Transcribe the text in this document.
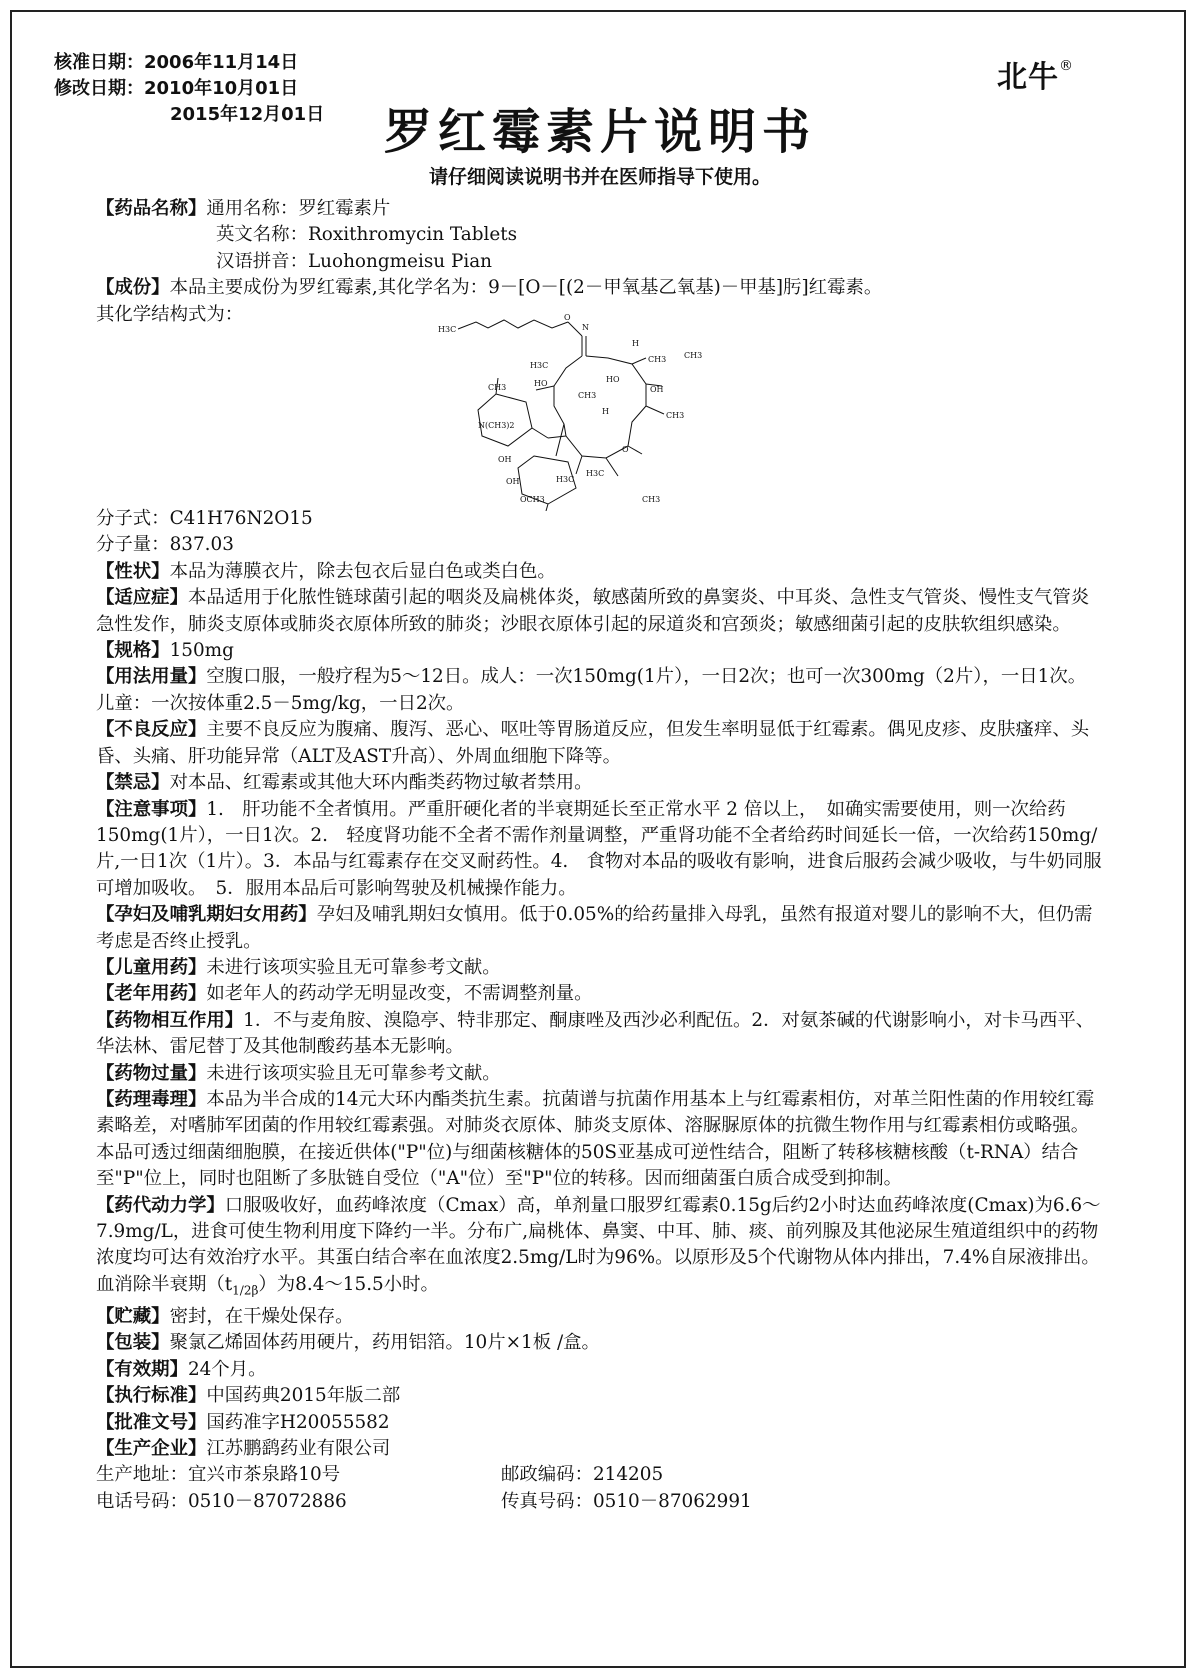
核准日期：2006年11月14日
修改日期：2010年10月01日
2015年12月01日
北牛®
罗红霉素片说明书
请仔细阅读说明书并在医师指导下使用。

【药品名称】通用名称：罗红霉素片

英文名称：Roxithromycin Tablets

汉语拼音：Luohongmeisu Pian

【成份】本品主要成份为罗红霉素,其化学名为：9－[O－[(2－甲氧基乙氧基)－甲基]肟]红霉素。

其化学结构式为：

H3C	N
O
H3C
CH3
H
HO	HO
OH
CH3
H3C
H	CH3
N(CH3)2
CH3
OH
H3C
O
OH
OCH3	CH3
CH3

分子式：C41H76N2O15

分子量：837.03

【性状】本品为薄膜衣片，除去包衣后显白色或类白色。

【适应症】本品适用于化脓性链球菌引起的咽炎及扁桃体炎，敏感菌所致的鼻窦炎、中耳炎、急性支气管炎、慢性支气管炎急性发作，肺炎支原体或肺炎衣原体所致的肺炎；沙眼衣原体引起的尿道炎和宫颈炎；敏感细菌引起的皮肤软组织感染。

【规格】150mg

【用法用量】空腹口服，一般疗程为5～12日。成人：一次150mg(1片），一日2次；也可一次300mg（2片），一日1次。儿童：一次按体重2.5－5mg/kg，一日2次。

【不良反应】主要不良反应为腹痛、腹泻、恶心、呕吐等胃肠道反应，但发生率明显低于红霉素。偶见皮疹、皮肤瘙痒、头昏、头痛、肝功能异常（ALT及AST升高）、外周血细胞下降等。

【禁忌】对本品、红霉素或其他大环内酯类药物过敏者禁用。

【注意事项】1.　肝功能不全者慎用。严重肝硬化者的半衰期延长至正常水平 2 倍以上，　如确实需要使用，则一次给药150mg(1片），一日1次。2.　轻度肾功能不全者不需作剂量调整，严重肾功能不全者给药时间延长一倍，一次给药150mg/片,一日1次（1片）。3．本品与红霉素存在交叉耐药性。4.　食物对本品的吸收有影响，进食后服药会减少吸收，与牛奶同服可增加吸收。　5．服用本品后可影响驾驶及机械操作能力。

【孕妇及哺乳期妇女用药】孕妇及哺乳期妇女慎用。低于0.05%的给药量排入母乳，虽然有报道对婴儿的影响不大，但仍需考虑是否终止授乳。

【儿童用药】未进行该项实验且无可靠参考文献。

【老年用药】如老年人的药动学无明显改变，不需调整剂量。

【药物相互作用】1．不与麦角胺、溴隐亭、特非那定、酮康唑及西沙必利配伍。2．对氨茶碱的代谢影响小，对卡马西平、华法林、雷尼替丁及其他制酸药基本无影响。

【药物过量】未进行该项实验且无可靠参考文献。

【药理毒理】本品为半合成的14元大环内酯类抗生素。抗菌谱与抗菌作用基本上与红霉素相仿，对革兰阳性菌的作用较红霉素略差，对嗜肺军团菌的作用较红霉素强。对肺炎衣原体、肺炎支原体、溶脲脲原体的抗微生物作用与红霉素相仿或略强。

本品可透过细菌细胞膜，在接近供体("P"位)与细菌核糖体的50S亚基成可逆性结合，阻断了转移核糖核酸（t-RNA）结合至"P"位上，同时也阻断了多肽链自受位（"A"位）至"P"位的转移。因而细菌蛋白质合成受到抑制。

【药代动力学】口服吸收好，血药峰浓度（Cmax）高，单剂量口服罗红霉素0.15g后约2小时达血药峰浓度(Cmax)为6.6～7.9mg/L，进食可使生物利用度下降约一半。分布广,扁桃体、鼻窦、中耳、肺、痰、前列腺及其他泌尿生殖道组织中的药物浓度均可达有效治疗水平。其蛋白结合率在血浓度2.5mg/L时为96%。以原形及5个代谢物从体内排出，7.4%自尿液排出。血消除半衰期$(t_{1/2\beta})$为8.4～15.5小时。

【贮藏】密封，在干燥处保存。

【包装】聚氯乙烯固体药用硬片，药用铝箔。10片×1板 /盒。

【有效期】24个月。

【执行标准】中国药典2015年版二部

【批准文号】国药准字H20055582

【生产企业】江苏鹏鹞药业有限公司

生产地址：宜兴市茶泉路10号	邮政编码：214205

电话号码：0510－87072886	传真号码：0510－87062991
